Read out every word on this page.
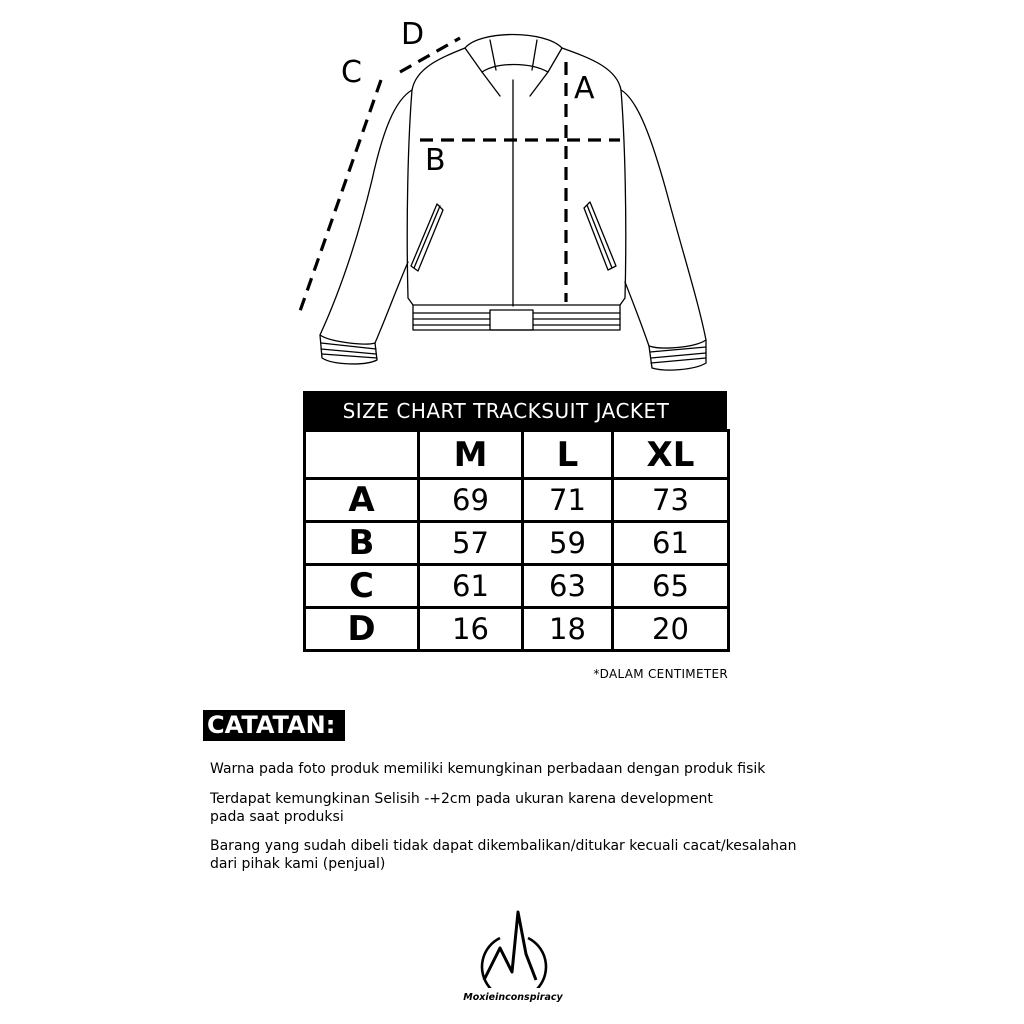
A
B
C
D
SIZE CHART TRACKSUIT JACKET
	M	L	XL
A	69	71	73
B	57	59	61
C	61	63	65
D	16	18	20
*DALAM CENTIMETER
CATATAN:
Warna pada foto produk memiliki kemungkinan perbadaan dengan produk fisik
Terdapat kemungkinan Selisih -+2cm pada ukuran karena development
pada saat produksi
Barang yang sudah dibeli tidak dapat dikembalikan/ditukar kecuali cacat/kesalahan
dari pihak kami (penjual)
Moxieinconspiracy
